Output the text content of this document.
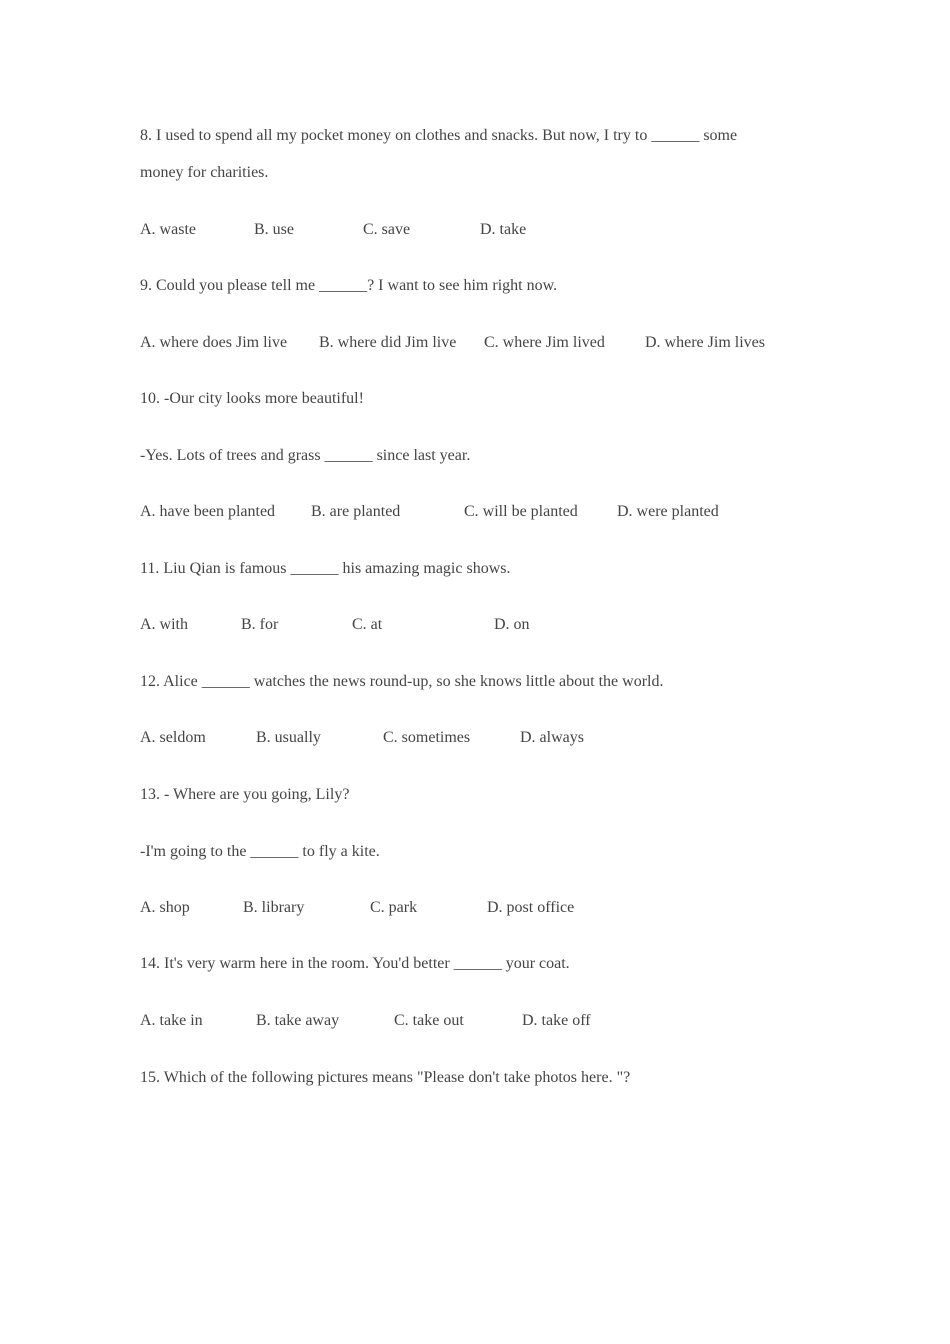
8. I used to spend all my pocket money on clothes and snacks. But now, I try to ______ some
money for charities.
A. waste	B. use	C. save	D. take
9. Could you please tell me ______? I want to see him right now.
A. where does Jim live B. where did Jim live C. where Jim lived	D. where Jim lives
10. -Our city looks more beautiful!
-Yes. Lots of trees and grass ______ since last year.
A. have been planted B. are planted	C. will be planted D. were planted
11. Liu Qian is famous ______ his amazing magic shows.
A. with	B. for	C. at	D. on
12. Alice ______ watches the news round-up, so she knows little about the world.
A. seldom	B. usually	C. sometimes	D. always
13. - Where are you going, Lily?
-I'm going to the ______ to fly a kite.
A. shop	B. library	C. park	D. post office
14. It's very warm here in the room. You'd better ______ your coat.
A. take in	B. take away	C. take out	D. take off
15. Which of the following pictures means "Please don't take photos here. "?
